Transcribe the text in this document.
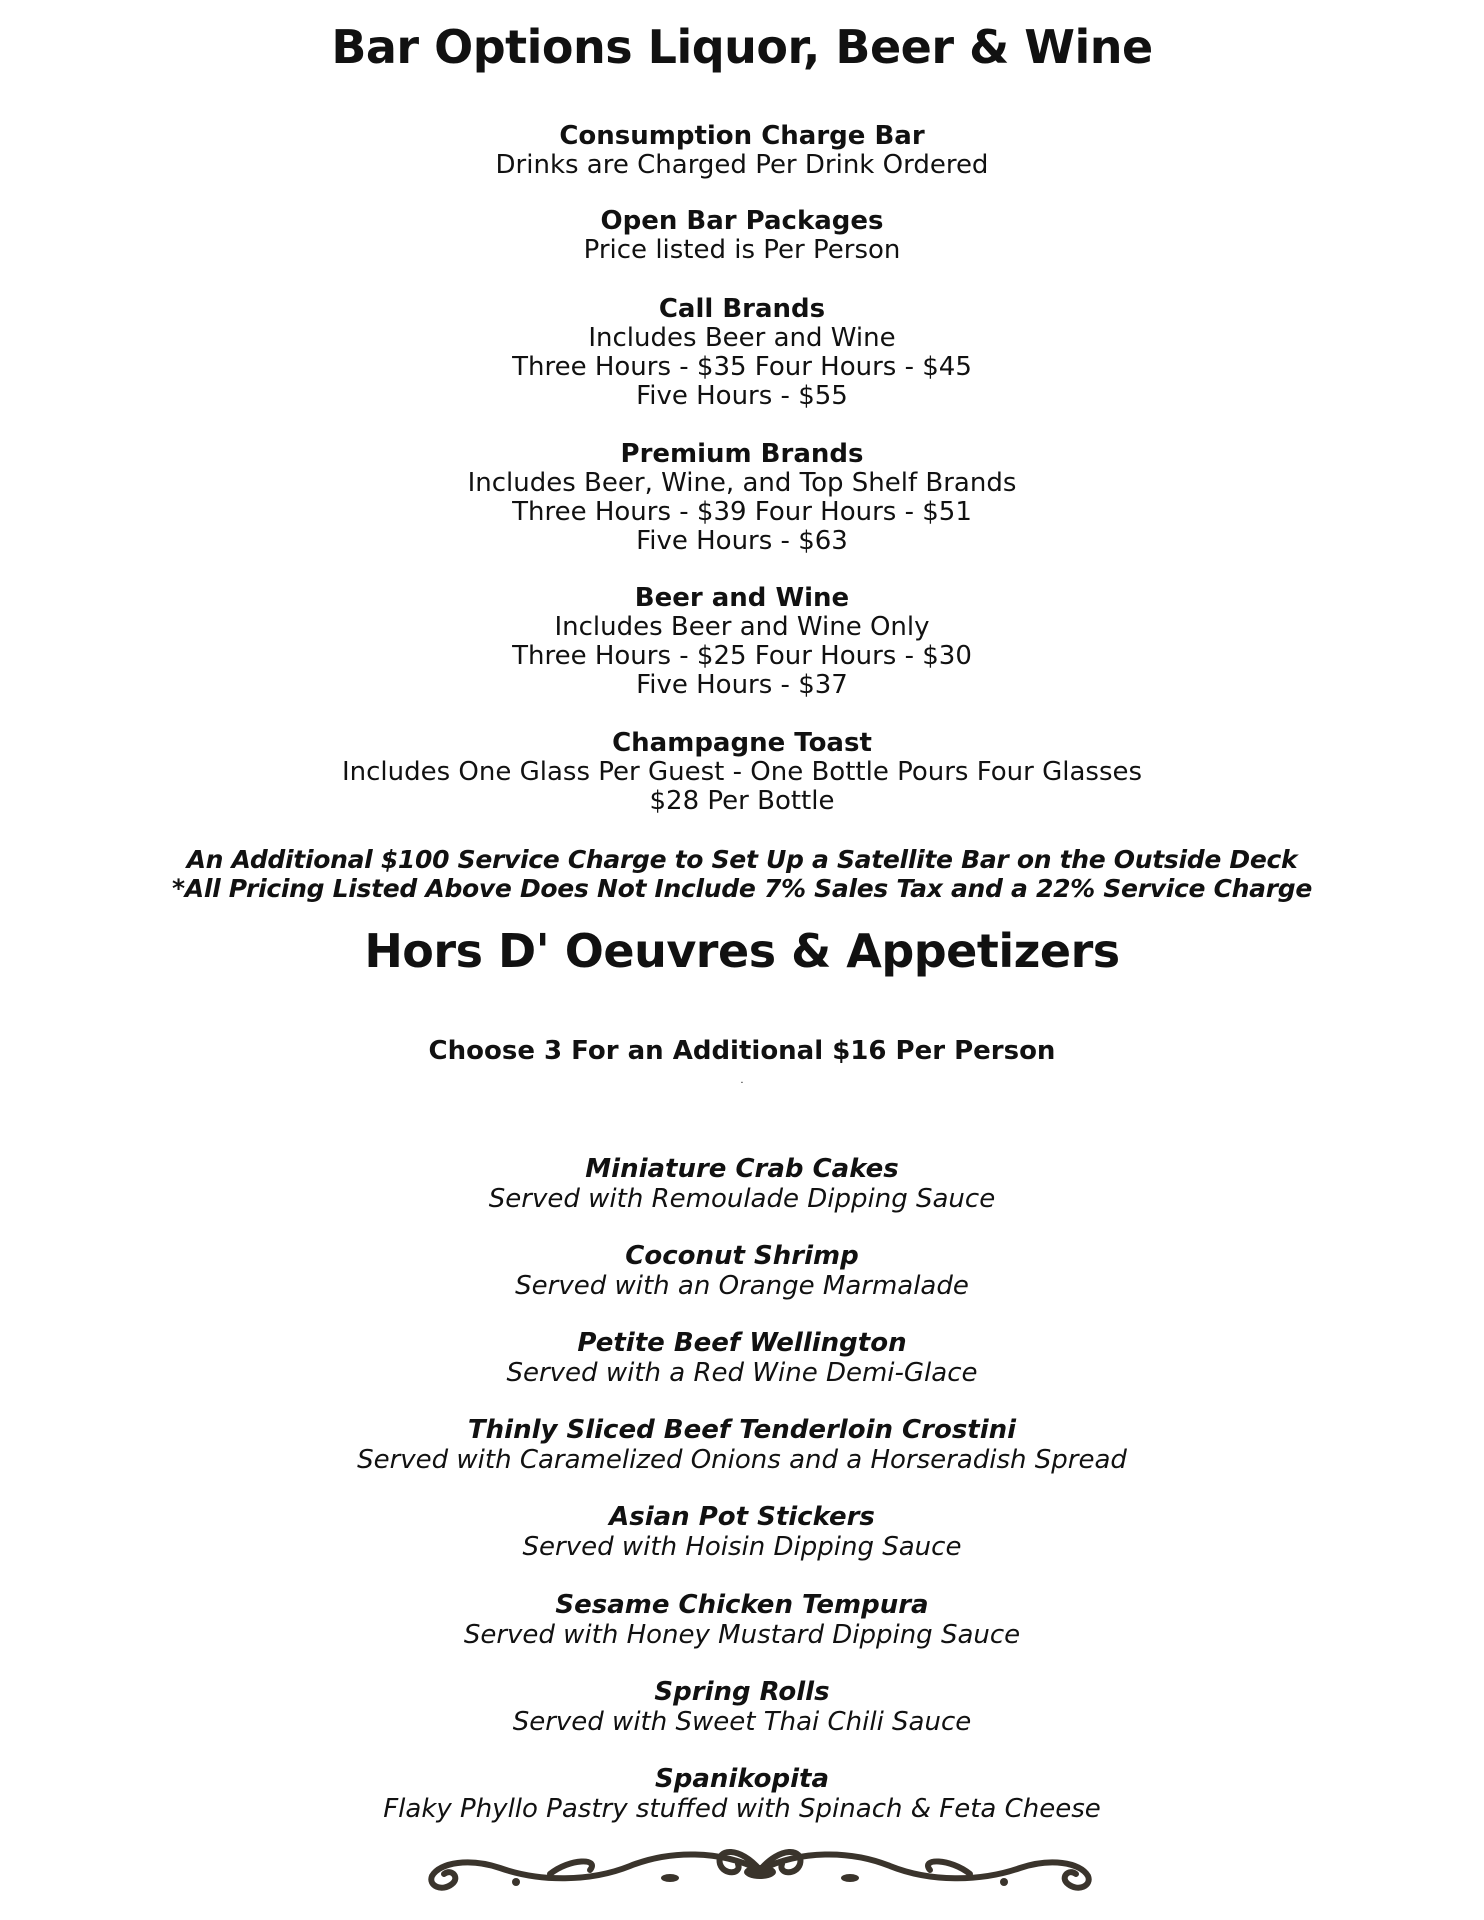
Bar Options Liquor, Beer & Wine
Consumption Charge Bar
Drinks are Charged Per Drink Ordered
Open Bar Packages
Price listed is Per Person
Call Brands
Includes Beer and Wine
Three Hours - $35 Four Hours - $45
Five Hours - $55
Premium Brands
Includes Beer, Wine, and Top Shelf Brands
Three Hours - $39 Four Hours - $51
Five Hours - $63
Beer and Wine
Includes Beer and Wine Only
Three Hours - $25 Four Hours - $30
Five Hours - $37
Champagne Toast
Includes One Glass Per Guest - One Bottle Pours Four Glasses
$28 Per Bottle
An Additional $100 Service Charge to Set Up a Satellite Bar on the Outside Deck
*All Pricing Listed Above Does Not Include 7% Sales Tax and a 22% Service Charge
Hors D' Oeuvres & Appetizers
Choose 3 For an Additional $16 Per Person
.
Miniature Crab Cakes
Served with Remoulade Dipping Sauce
Coconut Shrimp
Served with an Orange Marmalade
Petite Beef Wellington
Served with a Red Wine Demi-Glace
Thinly Sliced Beef Tenderloin Crostini
Served with Caramelized Onions and a Horseradish Spread
Asian Pot Stickers
Served with Hoisin Dipping Sauce
Sesame Chicken Tempura
Served with Honey Mustard Dipping Sauce
Spring Rolls
Served with Sweet Thai Chili Sauce
Spanikopita
Flaky Phyllo Pastry stuffed with Spinach & Feta Cheese
